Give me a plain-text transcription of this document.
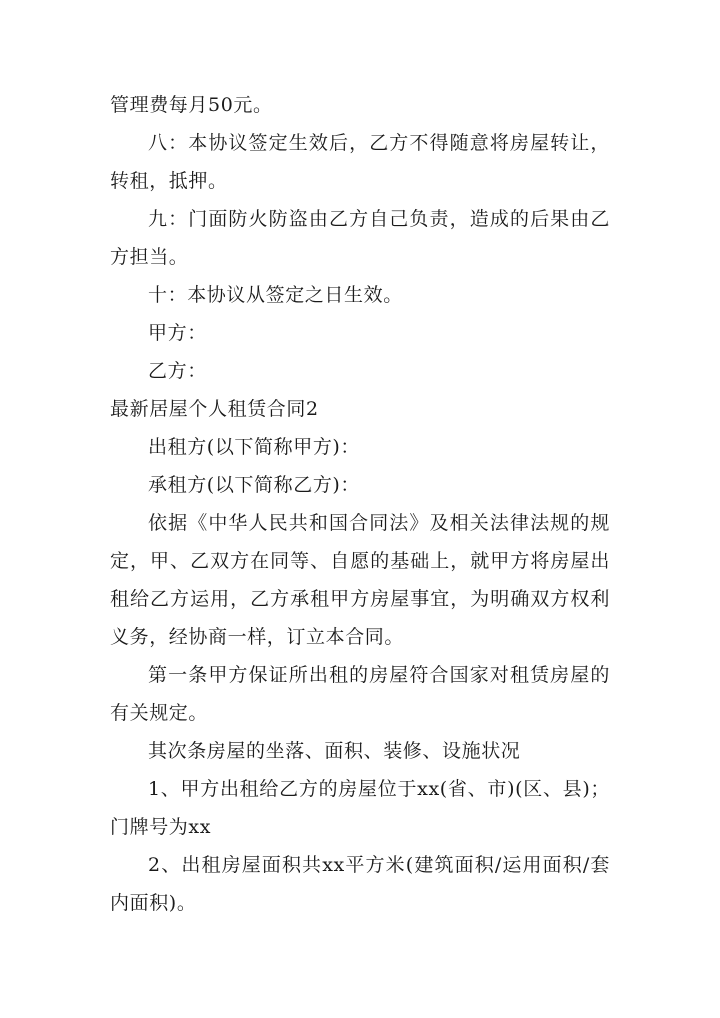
管理费每月50元。

八：本协议签定生效后，乙方不得随意将房屋转让，转租，抵押。

九：门面防火防盗由乙方自己负责，造成的后果由乙方担当。

十：本协议从签定之日生效。

甲方：

乙方：

最新居屋个人租赁合同2

出租方(以下简称甲方)：

承租方(以下简称乙方)：

依据《中华人民共和国合同法》及相关法律法规的规定，甲、乙双方在同等、自愿的基础上，就甲方将房屋出租给乙方运用，乙方承租甲方房屋事宜，为明确双方权利义务，经协商一样，订立本合同。

第一条甲方保证所出租的房屋符合国家对租赁房屋的有关规定。

其次条房屋的坐落、面积、装修、设施状况

1、甲方出租给乙方的房屋位于xx(省、市)(区、县)；门牌号为xx

2、出租房屋面积共xx平方米(建筑面积/运用面积/套内面积)。
